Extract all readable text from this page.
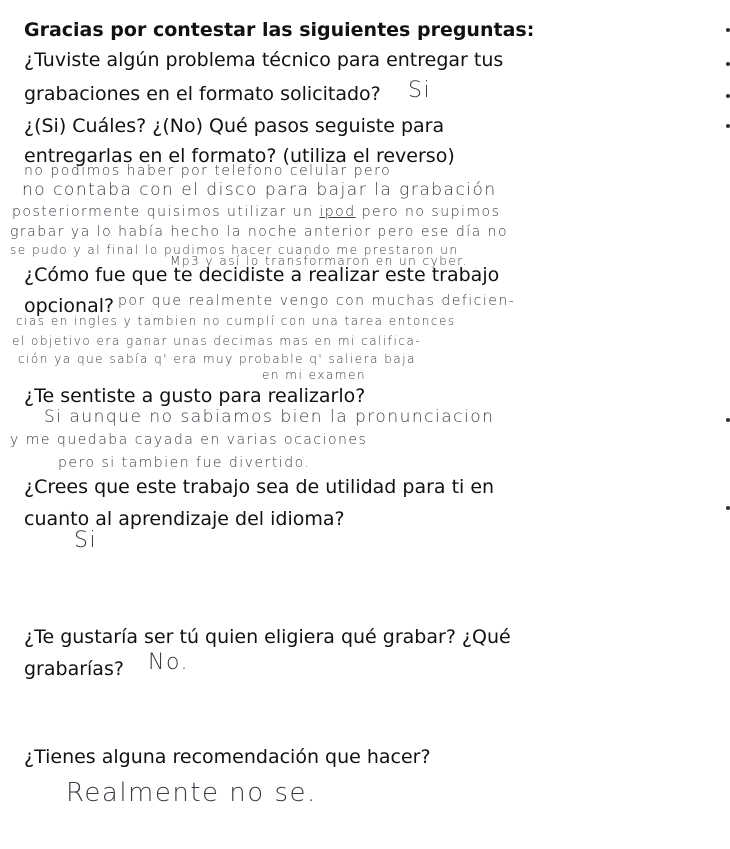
Gracias por contestar las siguientes preguntas:
¿Tuviste algún problema técnico para entregar tus
grabaciones en el formato solicitado?
¿(Si) Cuáles? ¿(No) Qué pasos seguiste para
entregarlas en el formato? (utiliza el reverso)
¿Cómo fue que te decidiste a realizar este trabajo
opcional?
¿Te sentiste a gusto para realizarlo?
¿Crees que este trabajo sea de utilidad para ti en
cuanto al aprendizaje del idioma?
¿Te gustaría ser tú quien eligiera qué grabar? ¿Qué
grabarías?
¿Tienes alguna recomendación que hacer?
Si
no podimos haber por telefono celular pero
no contaba con el disco para bajar la grabación
posteriormente quisimos utilizar un ipod pero no supimos
grabar ya lo había hecho la noche anterior pero ese día no
se pudo y al final lo pudimos hacer cuando me prestaron un
Mp3 y así lo transformaron en un cyber.
por que realmente vengo con muchas deficien-
cias en ingles y tambien no cumplí con una tarea entonces
el objetivo era ganar unas decimas mas en mi califica-
ción ya que sabía q' era muy probable q' saliera baja
en mi examen
Si aunque no sabiamos bien la pronunciacion
y me quedaba cayada en varias ocaciones
pero si tambien fue divertido.
Si
No.
Realmente no se.
